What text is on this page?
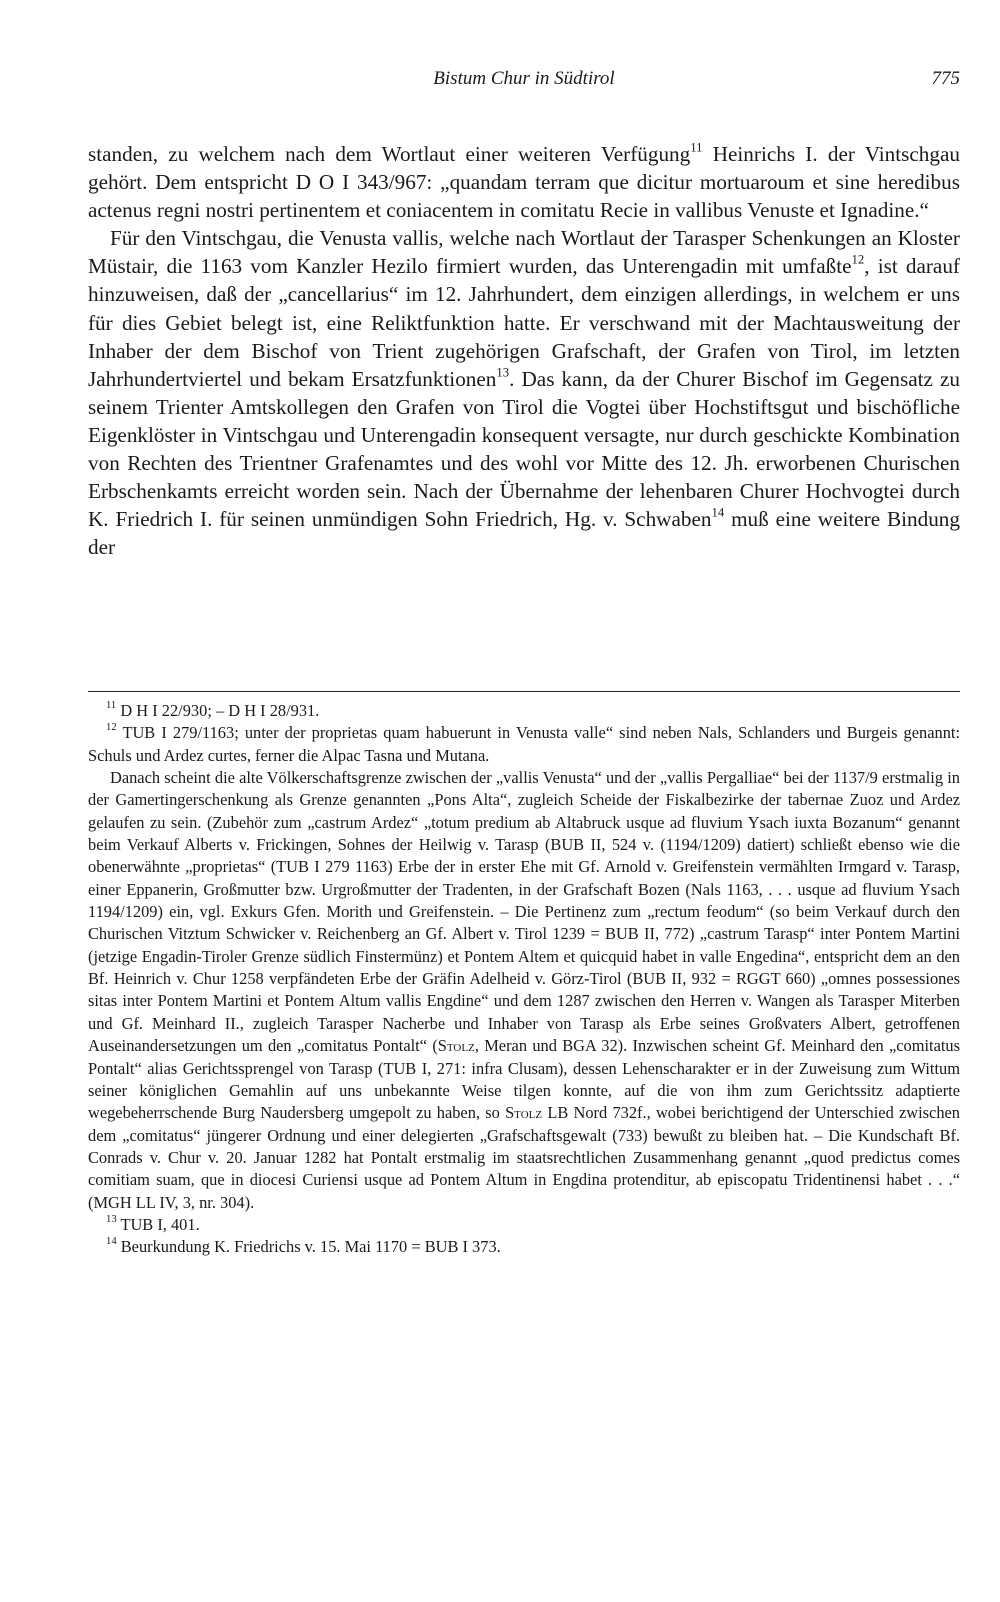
Bistum Chur in Südtirol	775

standen, zu welchem nach dem Wortlaut einer weiteren Verfügung$^{11}$ Heinrichs I. der Vintschgau gehört. Dem entspricht D O I 343/967: „quandam terram que dicitur mortuaroum et sine heredibus actenus regni nostri pertinentem et coniacentem in comitatu Recie in vallibus Venuste et Ignadine.“

Für den Vintschgau, die Venusta vallis, welche nach Wortlaut der Tarasper Schenkungen an Kloster Müstair, die 1163 vom Kanzler Hezilo firmiert wurden, das Unterengadin mit umfaßte$^{12}$, ist darauf hinzuweisen, daß der „cancellarius“ im 12. Jahrhundert, dem einzigen allerdings, in welchem er uns für dies Gebiet belegt ist, eine Reliktfunktion hatte. Er verschwand mit der Machtausweitung der Inhaber der dem Bischof von Trient zugehörigen Grafschaft, der Grafen von Tirol, im letzten Jahrhundertviertel und bekam Ersatzfunktionen$^{13}$. Das kann, da der Churer Bischof im Gegensatz zu seinem Trienter Amtskollegen den Grafen von Tirol die Vogtei über Hochstiftsgut und bischöfliche Eigenklöster in Vintschgau und Unterengadin konsequent versagte, nur durch geschickte Kombination von Rechten des Trientner Grafenamtes und des wohl vor Mitte des 12. Jh. erworbenen Churischen Erbschenkamts erreicht worden sein. Nach der Übernahme der lehenbaren Churer Hochvogtei durch K. Friedrich I. für seinen unmündigen Sohn Friedrich, Hg. v. Schwaben$^{14}$ muß eine weitere Bindung der

$^{11}$ D H I 22/930; – D H I 28/931.

$^{12}$ TUB I 279/1163; unter der proprietas quam habuerunt in Venusta valle“ sind neben Nals, Schlanders und Burgeis genannt: Schuls und Ardez curtes, ferner die Alpac Tasna und Mutana.

Danach scheint die alte Völkerschaftsgrenze zwischen der „vallis Venusta“ und der „vallis Pergalliae“ bei der 1137/9 erstmalig in der Gamertingerschenkung als Grenze genannten „Pons Alta“, zugleich Scheide der Fiskalbezirke der tabernae Zuoz und Ardez gelaufen zu sein. (Zubehör zum „castrum Ardez“ „totum predium ab Altabruck usque ad fluvium Ysach iuxta Bozanum“ genannt beim Verkauf Alberts v. Frickingen, Sohnes der Heilwig v. Tarasp (BUB II, 524 v. (1194/1209) datiert) schließt ebenso wie die obenerwähnte „proprietas“ (TUB I 279 1163) Erbe der in erster Ehe mit Gf. Arnold v. Greifenstein vermählten Irmgard v. Tarasp, einer Eppanerin, Großmutter bzw. Urgroßmutter der Tradenten, in der Grafschaft Bozen (Nals 1163, . . . usque ad fluvium Ysach 1194/1209) ein, vgl. Exkurs Gfen. Morith und Greifenstein. – Die Pertinenz zum „rectum feodum“ (so beim Verkauf durch den Churischen Vitztum Schwicker v. Reichenberg an Gf. Albert v. Tirol 1239 = BUB II, 772) „castrum Tarasp“ inter Pontem Martini (jetzige Engadin-Tiroler Grenze südlich Finstermünz) et Pontem Altem et quicquid habet in valle Engedina“, entspricht dem an den Bf. Heinrich v. Chur 1258 verpfändeten Erbe der Gräfin Adelheid v. Görz-Tirol (BUB II, 932 = RGGT 660) „omnes possessiones sitas inter Pontem Martini et Pontem Altum vallis Engdine“ und dem 1287 zwischen den Herren v. Wangen als Tarasper Miterben und Gf. Meinhard II., zugleich Tarasper Nacherbe und Inhaber von Tarasp als Erbe seines Großvaters Albert, getroffenen Auseinandersetzungen um den „comitatus Pontalt“ (Stolz, Meran und BGA 32). Inzwischen scheint Gf. Meinhard den „comitatus Pontalt“ alias Gerichtssprengel von Tarasp (TUB I, 271: infra Clusam), dessen Lehenscharakter er in der Zuweisung zum Wittum seiner königlichen Gemahlin auf uns unbekannte Weise tilgen konnte, auf die von ihm zum Gerichtssitz adaptierte wegebeherrschende Burg Naudersberg umgepolt zu haben, so Stolz LB Nord 732f., wobei berichtigend der Unterschied zwischen dem „comitatus“ jüngerer Ordnung und einer delegierten „Grafschaftsgewalt (733) bewußt zu bleiben hat. – Die Kundschaft Bf. Conrads v. Chur v. 20. Januar 1282 hat Pontalt erstmalig im staatsrechtlichen Zusammenhang genannt „quod predictus comes comitiam suam, que in diocesi Curiensi usque ad Pontem Altum in Engdina protenditur, ab episcopatu Tridentinensi habet . . .“ (MGH LL IV, 3, nr. 304).

$^{13}$ TUB I, 401.

$^{14}$ Beurkundung K. Friedrichs v. 15. Mai 1170 = BUB I 373.
